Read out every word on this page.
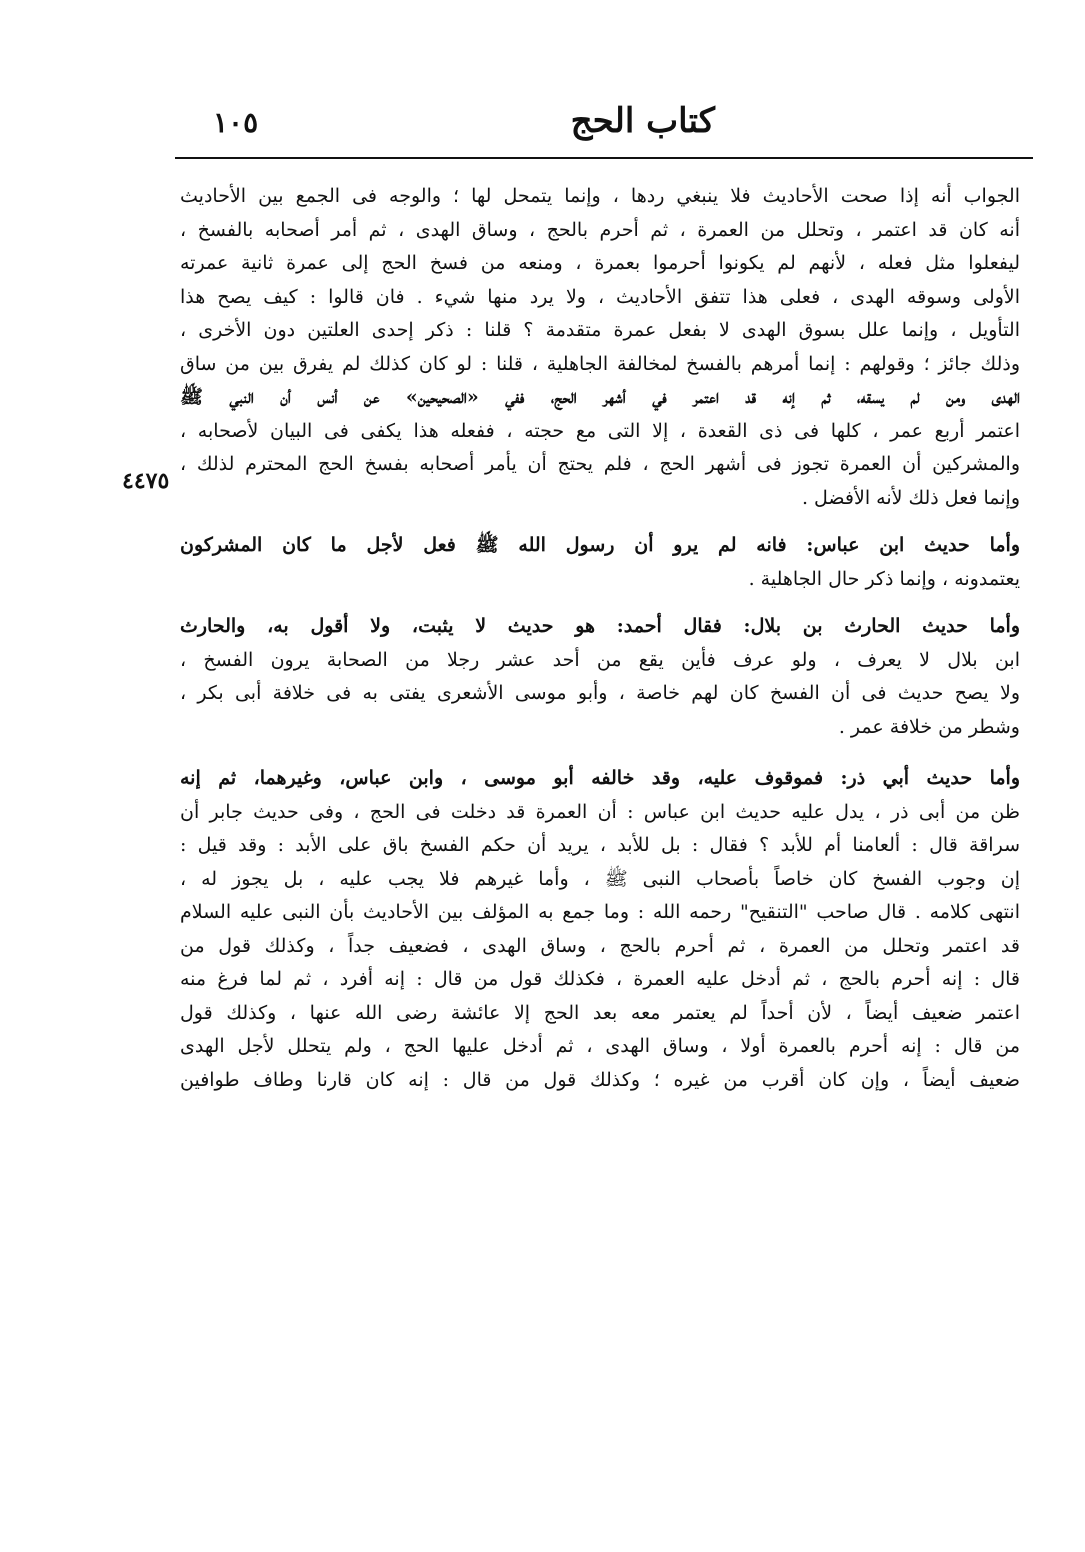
كتاب الحج
١٠٥
٤٤٧٥
الجواب أنه إذا صحت الأحاديث فلا ينبغي ردها ، وإنما يتمحل لها ؛ والوجه فى الجمع بين الأحاديث
أنه كان قد اعتمر ، وتحلل من العمرة ، ثم أحرم بالحج ، وساق الهدى ، ثم أمر أصحابه بالفسخ ،
ليفعلوا مثل فعله ، لأنهم لم يكونوا أحرموا بعمرة ، ومنعه من فسخ الحج إلى عمرة ثانية عمرته
الأولى وسوقه الهدى ، فعلى هذا تتفق الأحاديث ، ولا يرد منها شيء . فان قالوا : كيف يصح هذا
التأويل ، وإنما علل بسوق الهدى لا بفعل عمرة متقدمة ؟ قلنا : ذكر إحدى العلتين دون الأخرى ،
وذلك جائز ؛ وقولهم : إنما أمرهم بالفسخ لمخالفة الجاهلية ، قلنا : لو كان كذلك لم يفرق بين من ساق
الهدى ومن لم يسقه، ثم إنه قد اعتمر في أشهر الحج، ففي «الصحيحين» عن أنس أن النبي ﷺ
اعتمر أربع عمر ، كلها فى ذى القعدة ، إلا التى مع حجته ، ففعله هذا يكفى فى البيان لأصحابه ،
والمشركين أن العمرة تجوز فى أشهر الحج ، فلم يحتج أن يأمر أصحابه بفسخ الحج المحترم لذلك ،
وإنما فعل ذلك لأنه الأفضل .
وأما حديث ابن عباس: فانه لم يرو أن رسول الله ﷺ فعل لأجل ما كان المشركون
يعتمدونه ، وإنما ذكر حال الجاهلية .
وأما حديث الحارث بن بلال: فقال أحمد: هو حديث لا يثبت، ولا أقول به، والحارث
ابن بلال لا يعرف ، ولو عرف فأين يقع من أحد عشر رجلا من الصحابة يرون الفسخ ،
ولا يصح حديث فى أن الفسخ كان لهم خاصة ، وأبو موسى الأشعرى يفتى به فى خلافة أبى بكر ،
وشطر من خلافة عمر .
وأما حديث أبي ذر: فموقوف عليه، وقد خالفه أبو موسى ، وابن عباس، وغيرهما، ثم إنه
ظن من أبى ذر ، يدل عليه حديث ابن عباس : أن العمرة قد دخلت فى الحج ، وفى حديث جابر أن
سراقة قال : ألعامنا أم للأبد ؟ فقال : بل للأبد ، يريد أن حكم الفسخ باق على الأبد : وقد قيل :
إن وجوب الفسخ كان خاصاً بأصحاب النبى ﷺ ، وأما غيرهم فلا يجب عليه ، بل يجوز له ،
انتهى كلامه . قال صاحب "التنقيح" رحمه الله : وما جمع به المؤلف بين الأحاديث بأن النبى عليه السلام
قد اعتمر وتحلل من العمرة ، ثم أحرم بالحج ، وساق الهدى ، فضعيف جداً ، وكذلك قول من
قال : إنه أحرم بالحج ، ثم أدخل عليه العمرة ، فكذلك قول من قال : إنه أفرد ، ثم لما فرغ منه
اعتمر ضعيف أيضاً ، لأن أحداً لم يعتمر معه بعد الحج إلا عائشة رضى الله عنها ، وكذلك قول
من قال : إنه أحرم بالعمرة أولا ، وساق الهدى ، ثم أدخل عليها الحج ، ولم يتحلل لأجل الهدى
ضعيف أيضاً ، وإن كان أقرب من غيره ؛ وكذلك قول من قال : إنه كان قارنا وطاف طوافين
